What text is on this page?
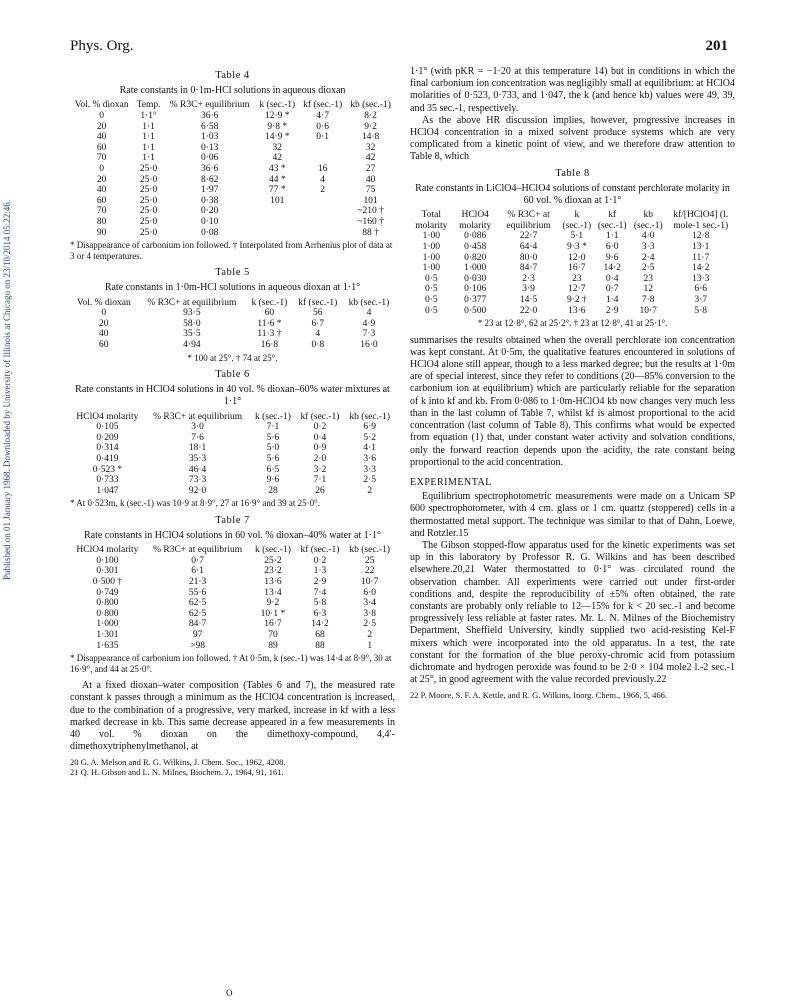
Phys. Org.	201
Published on 01 January 1968. Downloaded by University of Illinois at Chicago on 23/10/2014 05:22:46.
Table 4
Rate constants in 0·1m-HCl solutions in aqueous dioxan
Vol. % dioxan	Temp.	% R3C+ equilibrium	k (sec.-1)	kf (sec.-1)	kb (sec.-1)
0	1·1°	36·6	12·9 *	4·7	8·2
20	1·1	6·58	9·8 *	0·6	9·2
40	1·1	1·03	14·9 *	0·1	14·8
60	1·1	0·13	32		32
70	1·1	0·06	42		42
0	25·0	36·6	43 *	16	27
20	25·0	8·62	44 *	4	40
40	25·0	1·97	77 *	2	75
60	25·0	0·38	101		101
70	25·0	0·20			~210 †
80	25·0	0·10			~160 †
90	25·0	0·08			88 †
* Disappearance of carbonium ion followed. † Interpolated from Arrhenius plot of data at 3 or 4 temperatures.
Table 5
Rate constants in 1·0m-HCl solutions in aqueous dioxan at 1·1°
Vol. % dioxan	% R3C+ at equilibrium	k (sec.-1)	kf (sec.-1)	kb (sec.-1)
0	93·5	60	56	4
20	58·0	11·6 *	6·7	4·9
40	35·5	11·3 †	4	7·3
60	4·94	16·8	0·8	16·0
* 100 at 25°. † 74 at 25°.
Table 6
Rate constants in HClO4 solutions in 40 vol. % dioxan–60% water mixtures at 1·1°
HClO4 molarity	% R3C+ at equilibrium	k (sec.-1)	kf (sec.-1)	kb (sec.-1)
0·105	3·0	7·1	0·2	6·9
0·209	7·6	5·6	0·4	5·2
0·314	18·1	5·0	0·9	4·1
0·419	35·3	5·6	2·0	3·6
0·523 *	46·4	6·5	3·2	3·3
0·733	73·3	9·6	7·1	2·5
1·047	92·0	28	26	2
* At 0·523m, k (sec.-1) was 10·9 at 8·9°, 27 at 16·9° and 39 at 25·0°.
Table 7
Rate constants in HClO4 solutions in 60 vol. % dioxan–40% water at 1·1°
HClO4 molarity	% R3C+ at equilibrium	k (sec.-1)	kf (sec.-1)	kb (sec.-1)
0·100	0·7	25·2	0·2	25
0·301	6·1	23·2	1·3	22
0·500 †	21·3	13·6	2·9	10·7
0·749	55·6	13·4	7·4	6·0
0·800	62·5	9·2	5·8	3·4
0·800	62·5	10·1 *	6·3	3·8
1·000	84·7	16·7	14·2	2·5
1·301	97	70	68	2
1·635	>98	89	88	1
* Disappearance of carbonium ion followed. † At 0·5m, k (sec.-1) was 14·4 at 8·9°, 30 at 16·9°, and 44 at 25·0°.

At a fixed dioxan–water composition (Tables 6 and 7), the measured rate constant k passes through a minimum as the HClO4 concentration is increased, due to the combination of a progressive, very marked, increase in kf with a less marked decrease in kb. This same decrease appeared in a few measurements in 40 vol. % dioxan on the dimethoxy-compound, 4,4′-dimethoxytriphenylmethanol, at

20 G. A. Melson and R. G. Wilkins, J. Chem. Soc., 1962, 4208.
21 Q. H. Gibson and L. N. Milnes, Biochem. J., 1964, 91, 161.

1·1° (with pKR = −1·20 at this temperature 14) but in conditions in which the final carbonium ion concentration was negligibly small at equilibrium: at HClO4 molarities of 0·523, 0·733, and 1·047, the k (and hence kb) values were 49, 39, and 35 sec.-1, respectively.

As the above HR discussion implies, however, progressive increases in HClO4 concentration in a mixed solvent produce systems which are very complicated from a kinetic point of view, and we therefore draw attention to Table 8, which

Table 8
Rate constants in LiClO4–HClO4 solutions of constant perchlorate molarity in 60 vol. % dioxan at 1·1°
Total molarity	HClO4 molarity	% R3C+ at equilibrium	k (sec.-1)	kf (sec.-1)	kb (sec.-1)	kf/[HClO4] (l. mole-1 sec.-1)
1·00	0·086	22·7	5·1	1·1	4·0	12·8
1·00	0·458	64·4	9·3 *	6·0	3·3	13·1
1·00	0·820	80·0	12·0	9·6	2·4	11·7
1·00	1·000	84·7	16·7	14·2	2·5	14·2
0·5	0·030	2·3	23	0·4	23	13·3
0·5	0·106	3·9	12·7	0·7	12	6·6
0·5	0·377	14·5	9·2 †	1·4	7·8	3·7
0·5	0·500	22·0	13·6	2·9	10·7	5·8
* 23 at 12·8°, 62 at 25·2°. † 23 at 12·8°, 41 at 25·1°.

summarises the results obtained when the overall perchlorate ion concentration was kept constant. At 0·5m, the qualitative features encountered in solutions of HClO4 alone still appear, though to a less marked degree; but the results at 1·0m are of special interest, since they refer to conditions (20—85% conversion to the carbonium ion at equilibrium) which are particularly reliable for the separation of k into kf and kb. From 0·086 to 1·0m-HClO4 kb now changes very much less than in the last column of Table 7, whilst kf is almost proportional to the acid concentration (last column of Table 8). This confirms what would be expected from equation (1) that, under constant water activity and solvation conditions, only the forward reaction depends upon the acidity, the rate constant being proportional to the acid concentration.

EXPERIMENTAL

Equilibrium spectrophotometric measurements were made on a Unicam SP 600 spectrophotometer, with 4 cm. glass or 1 cm. quartz (stoppered) cells in a thermostatted metal support. The technique was similar to that of Dahn, Loewe, and Rotzler.15

The Gibson stopped-flow apparatus used for the kinetic experiments was set up in this laboratory by Professor R. G. Wilkins and has been described elsewhere.20,21 Water thermostatted to 0·1° was circulated round the observation chamber. All experiments were carried out under first-order conditions and, despite the reproducibility of ±5% often obtained, the rate constants are probably only reliable to 12—15% for k < 20 sec.-1 and become progressively less reliable at faster rates. Mr. L. N. Milnes of the Biochemistry Department, Sheffield University, kindly supplied two acid-resisting Kel-F mixers which were incorporated into the old apparatus. In a test, the rate constant for the formation of the blue peroxy-chromic acid from potassium dichromate and hydrogen peroxide was found to be 2·0 × 104 mole2 l.-2 sec.-1 at 25°, in good agreement with the value recorded previously.22

22 P. Moore, S. F. A. Kettle, and R. G. Wilkins, Inorg. Chem., 1966, 5, 466.
O
